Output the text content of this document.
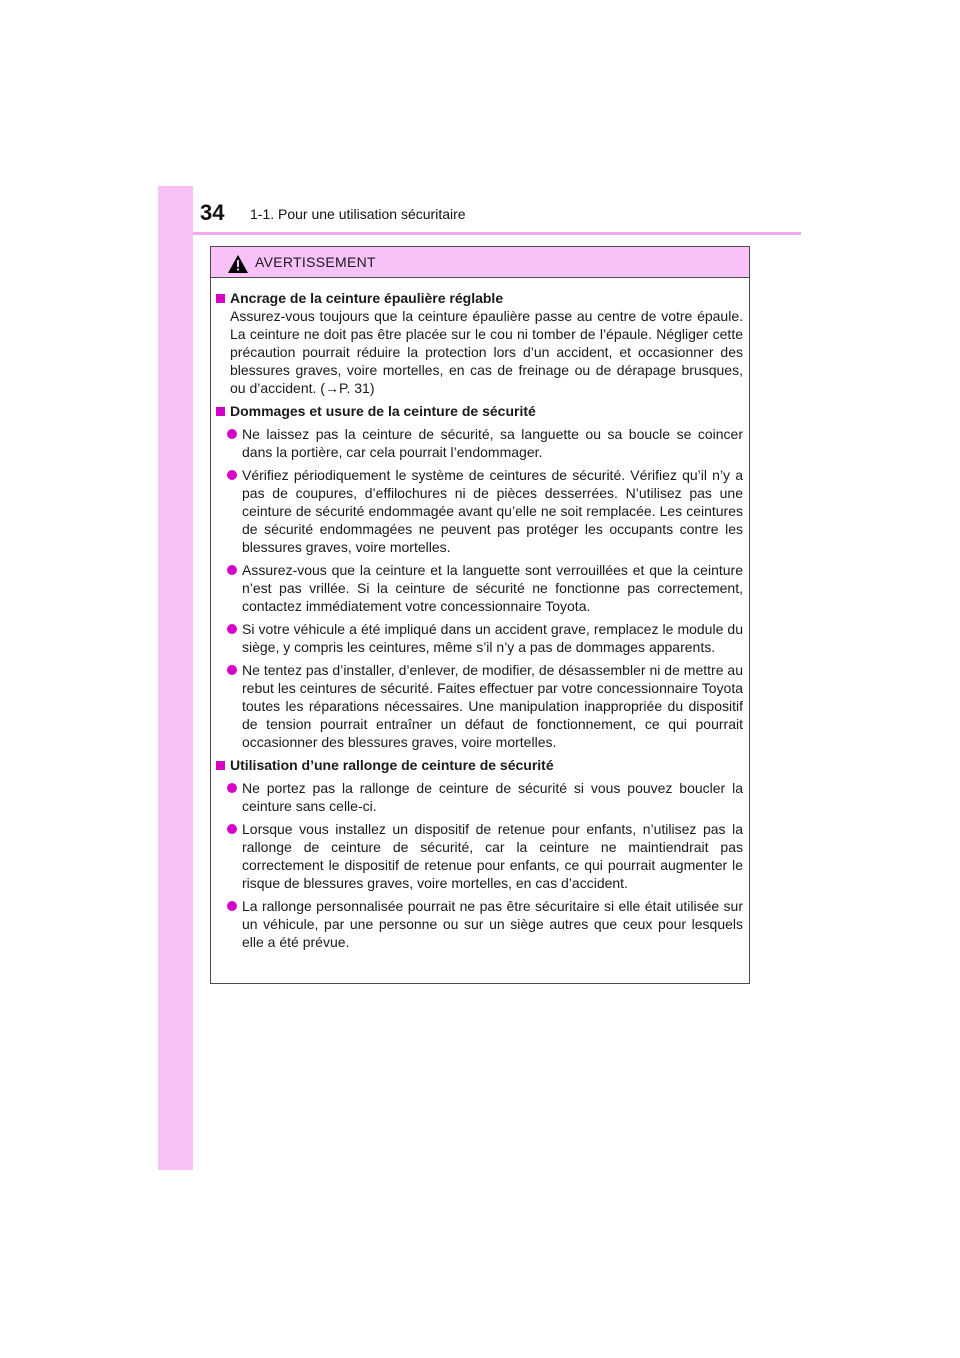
34 1-1. Pour une utilisation sécuritaire
AVERTISSEMENT
Ancrage de la ceinture épaulière réglable
Assurez-vous toujours que la ceinture épaulière passe au centre de votre épaule. La ceinture ne doit pas être placée sur le cou ni tomber de l’épaule. Négliger cette précaution pourrait réduire la protection lors d’un accident, et occasionner des blessures graves, voire mortelles, en cas de freinage ou de dérapage brusques, ou d’accident. (→P. 31)
Dommages et usure de la ceinture de sécurité
Ne laissez pas la ceinture de sécurité, sa languette ou sa boucle se coincer dans la portière, car cela pourrait l’endommager.
Vérifiez périodiquement le système de ceintures de sécurité. Vérifiez qu’il n’y a pas de coupures, d’effilochures ni de pièces desserrées. N’utilisez pas une ceinture de sécurité endommagée avant qu’elle ne soit remplacée. Les ceintures de sécurité endommagées ne peuvent pas protéger les occupants contre les blessures graves, voire mortelles.
Assurez-vous que la ceinture et la languette sont verrouillées et que la ceinture n’est pas vrillée. Si la ceinture de sécurité ne fonctionne pas correctement, contactez immédiatement votre concessionnaire Toyota.
Si votre véhicule a été impliqué dans un accident grave, remplacez le module du siège, y compris les ceintures, même s’il n’y a pas de dommages apparents.
Ne tentez pas d’installer, d’enlever, de modifier, de désassembler ni de mettre au rebut les ceintures de sécurité. Faites effectuer par votre concessionnaire Toyota toutes les réparations nécessaires. Une manipulation inappropriée du dispositif de tension pourrait entraîner un défaut de fonctionnement, ce qui pourrait occasionner des blessures graves, voire mortelles.
Utilisation d’une rallonge de ceinture de sécurité
Ne portez pas la rallonge de ceinture de sécurité si vous pouvez boucler la ceinture sans celle-ci.
Lorsque vous installez un dispositif de retenue pour enfants, n’utilisez pas la rallonge de ceinture de sécurité, car la ceinture ne maintiendrait pas correctement le dispositif de retenue pour enfants, ce qui pourrait augmenter le risque de blessures graves, voire mortelles, en cas d’accident.
La rallonge personnalisée pourrait ne pas être sécuritaire si elle était utilisée sur un véhicule, par une personne ou sur un siège autres que ceux pour lesquels elle a été prévue.
